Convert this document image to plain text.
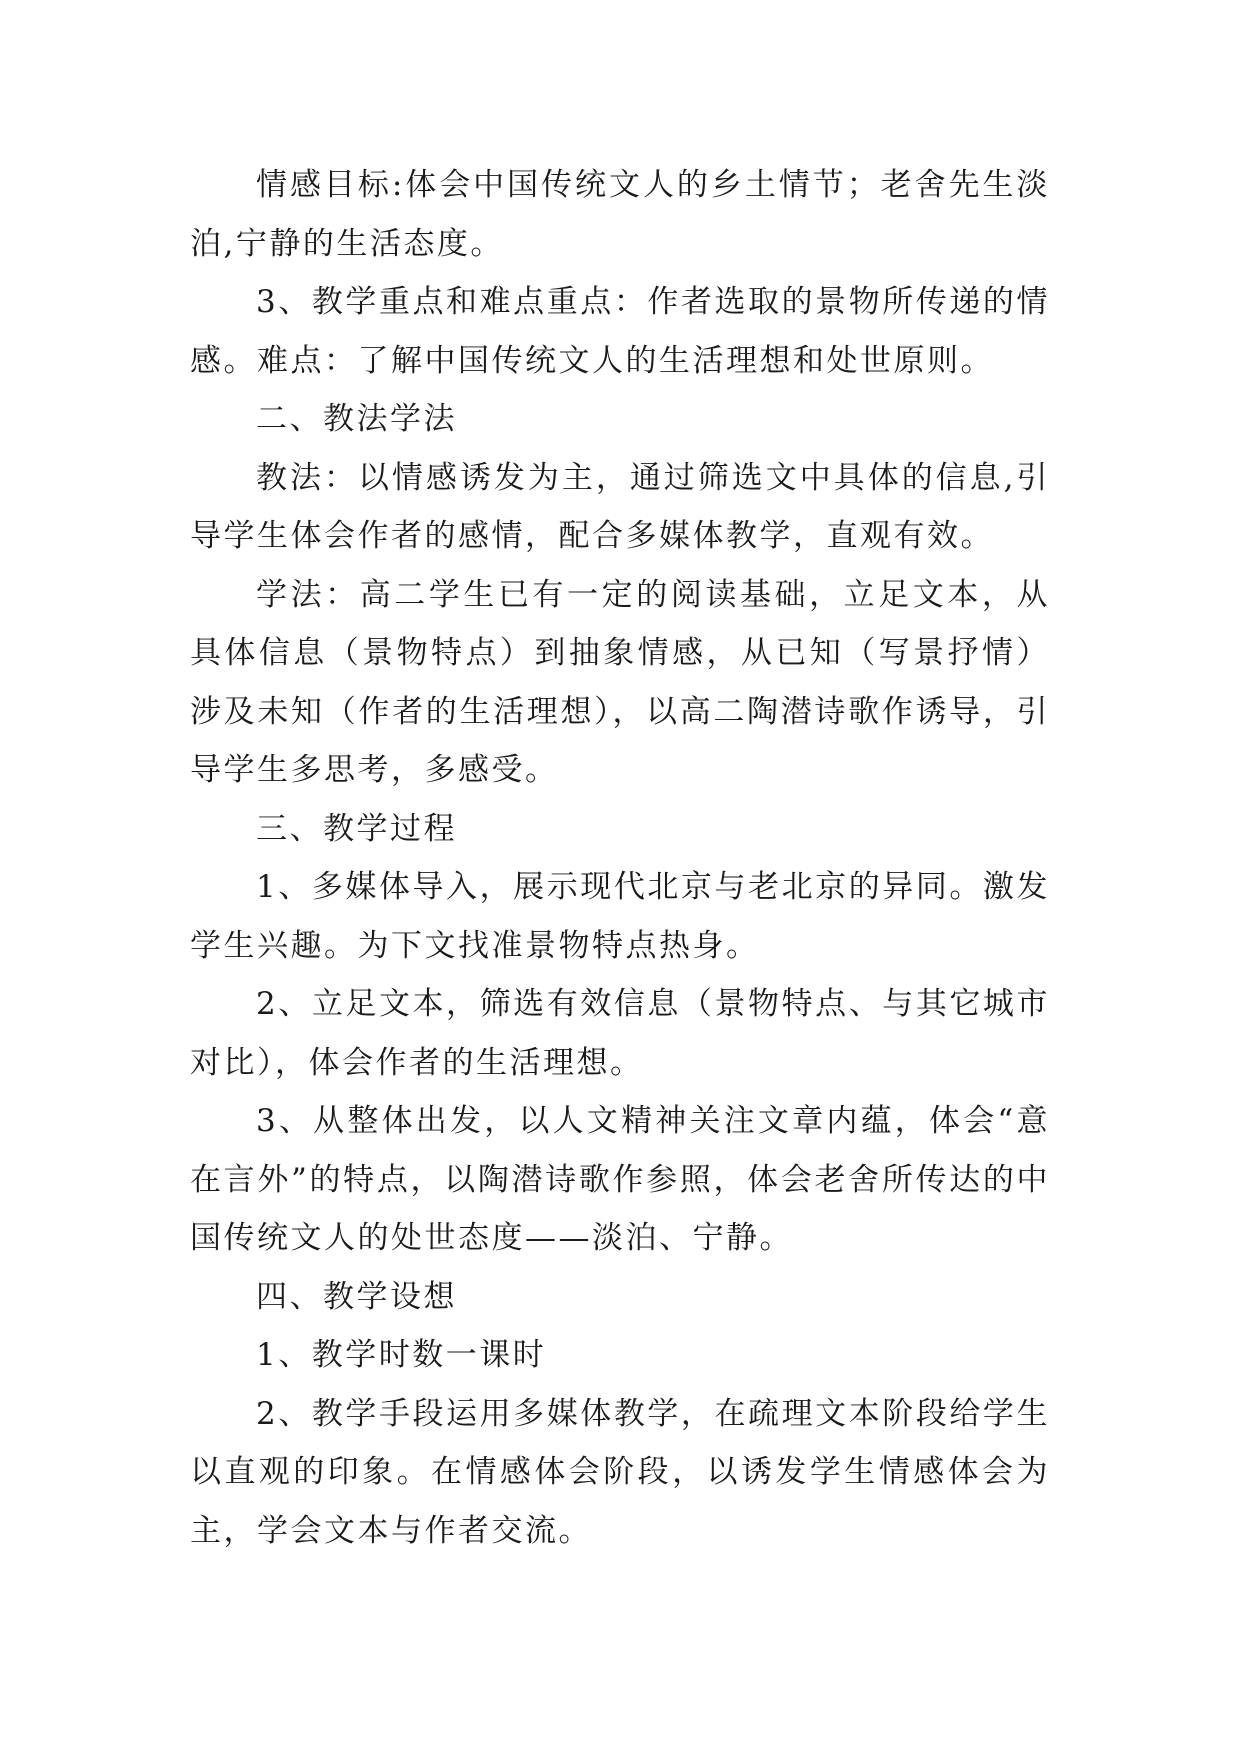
情感目标:体会中国传统文人的乡土情节；老舍先生淡泊,宁静的生活态度。

3、教学重点和难点重点：作者选取的景物所传递的情感。难点：了解中国传统文人的生活理想和处世原则。

二、教法学法

教法：以情感诱发为主，通过筛选文中具体的信息,引导学生体会作者的感情，配合多媒体教学，直观有效。

学法：高二学生已有一定的阅读基础，立足文本，从具体信息（景物特点）到抽象情感，从已知（写景抒情）涉及未知（作者的生活理想），以高二陶潜诗歌作诱导，引导学生多思考，多感受。

三、教学过程

1、多媒体导入，展示现代北京与老北京的异同。激发学生兴趣。为下文找准景物特点热身。

2、立足文本，筛选有效信息（景物特点、与其它城市对比），体会作者的生活理想。

3、从整体出发，以人文精神关注文章内蕴，体会“意在言外”的特点，以陶潜诗歌作参照，体会老舍所传达的中国传统文人的处世态度——淡泊、宁静。

四、教学设想

1、教学时数一课时

2、教学手段运用多媒体教学，在疏理文本阶段给学生以直观的印象。在情感体会阶段，以诱发学生情感体会为主，学会文本与作者交流。
